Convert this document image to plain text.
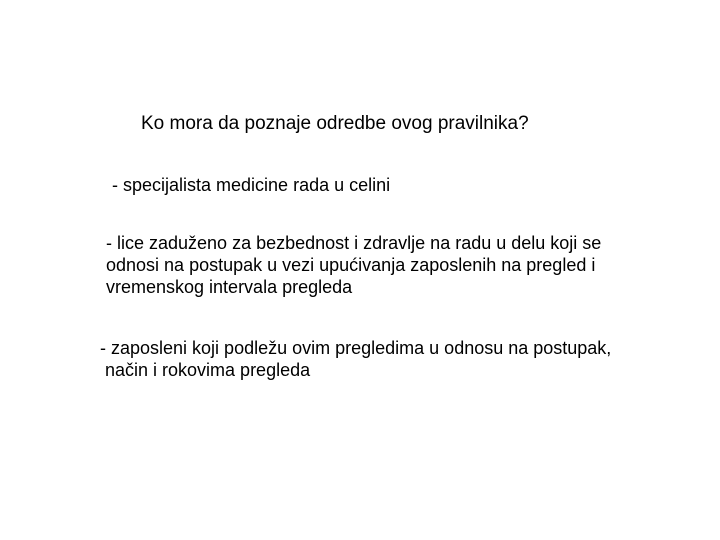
Ko mora da poznaje odredbe ovog pravilnika?
- specijalista medicine rada u celini
- lice zaduženo za bezbednost i zdravlje na radu u delu koji se
odnosi na postupak u vezi upućivanja zaposlenih na pregled i
vremenskog intervala pregleda
- zaposleni koji podležu ovim pregledima u odnosu na postupak,
način i rokovima pregleda
